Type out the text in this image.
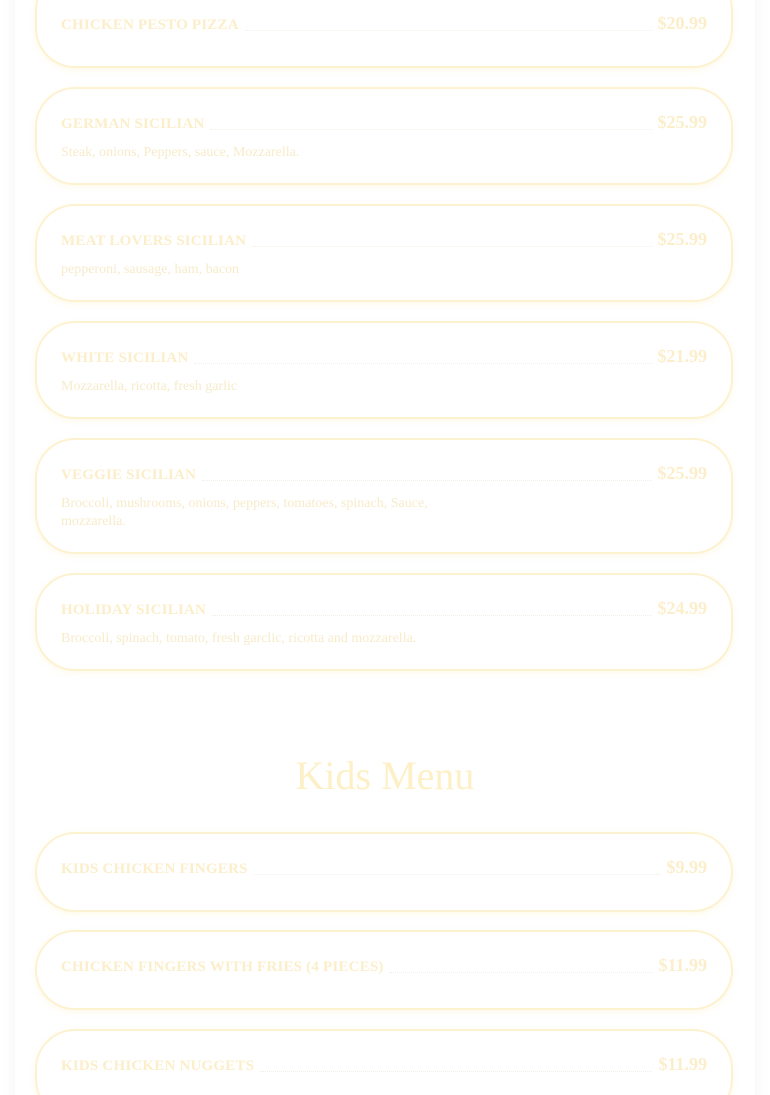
CHICKEN PESTO PIZZA	$20.99
GERMAN SICILIAN	$25.99
Steak, onions, Peppers, sauce, Mozzarella.
MEAT LOVERS SICILIAN	$25.99
pepperoni, sausage, ham, bacon
WHITE SICILIAN	$21.99
Mozzarella, ricotta, fresh garlic
VEGGIE SICILIAN	$25.99
Broccoli, mushrooms, onions, peppers, tomatoes, spinach, Sauce, mozzarella.
HOLIDAY SICILIAN	$24.99
Broccoli, spinach, tomato, fresh garclic, ricotta and mozzarella.
Kids Menu
KIDS CHICKEN FINGERS	$9.99
CHICKEN FINGERS WITH FRIES (4 PIECES)	$11.99
KIDS CHICKEN NUGGETS	$11.99
